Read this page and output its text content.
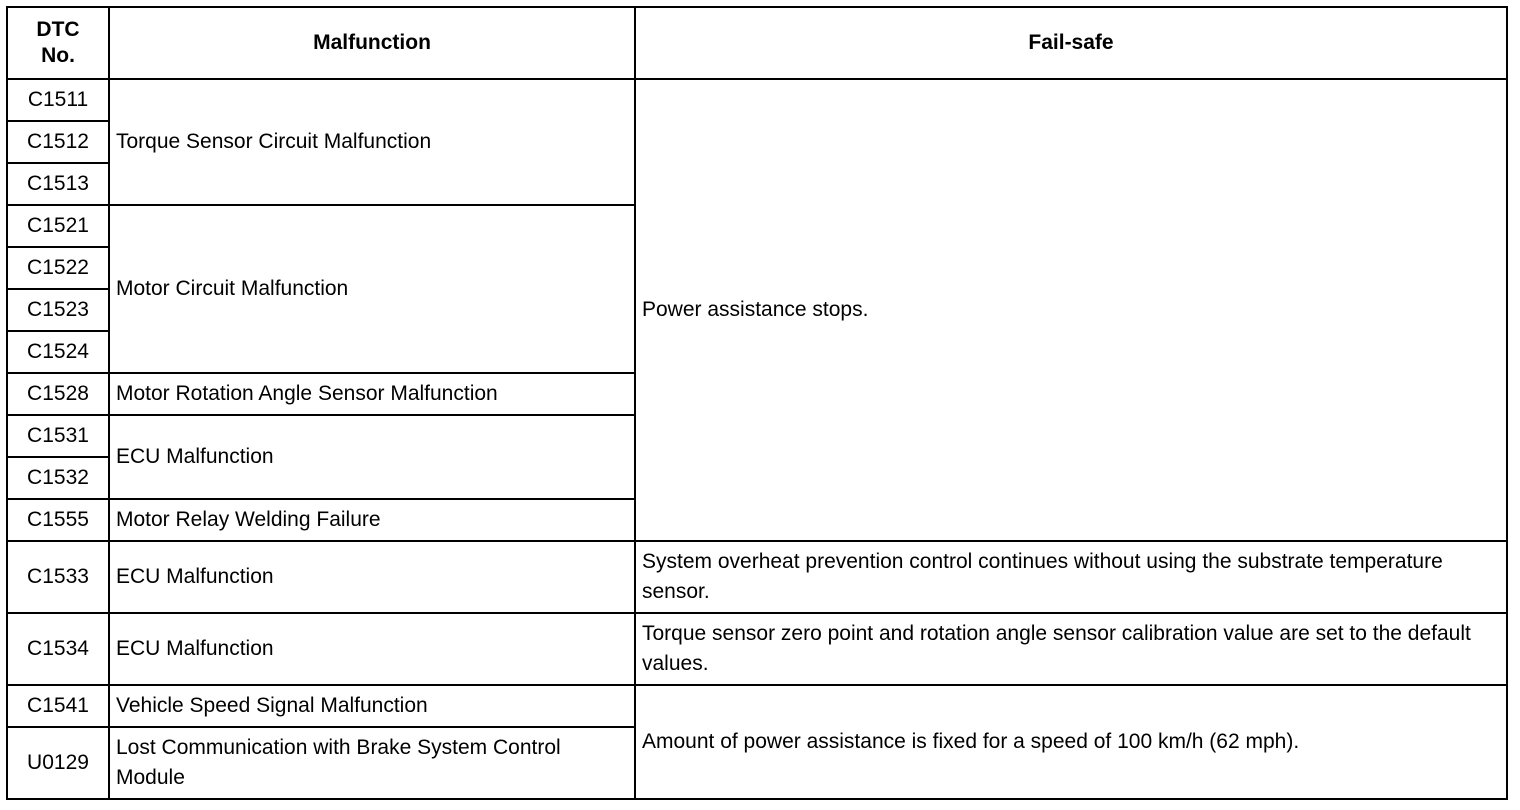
DTC
No.	Malfunction	Fail-safe
C1511	Torque Sensor Circuit Malfunction	Power assistance stops.
C1512		
C1513		
C1521	Motor Circuit Malfunction	
C1522		
C1523		
C1524		
C1528	Motor Rotation Angle Sensor Malfunction	
C1531	ECU Malfunction	
C1532		
C1555	Motor Relay Welding Failure	
C1533	ECU Malfunction	System overheat prevention control continues without using the substrate temperature sensor.
C1534	ECU Malfunction	Torque sensor zero point and rotation angle sensor calibration value are set to the default values.
C1541	Vehicle Speed Signal Malfunction	Amount of power assistance is fixed for a speed of 100 km/h (62 mph).
U0129	Lost Communication with Brake System Control Module	
